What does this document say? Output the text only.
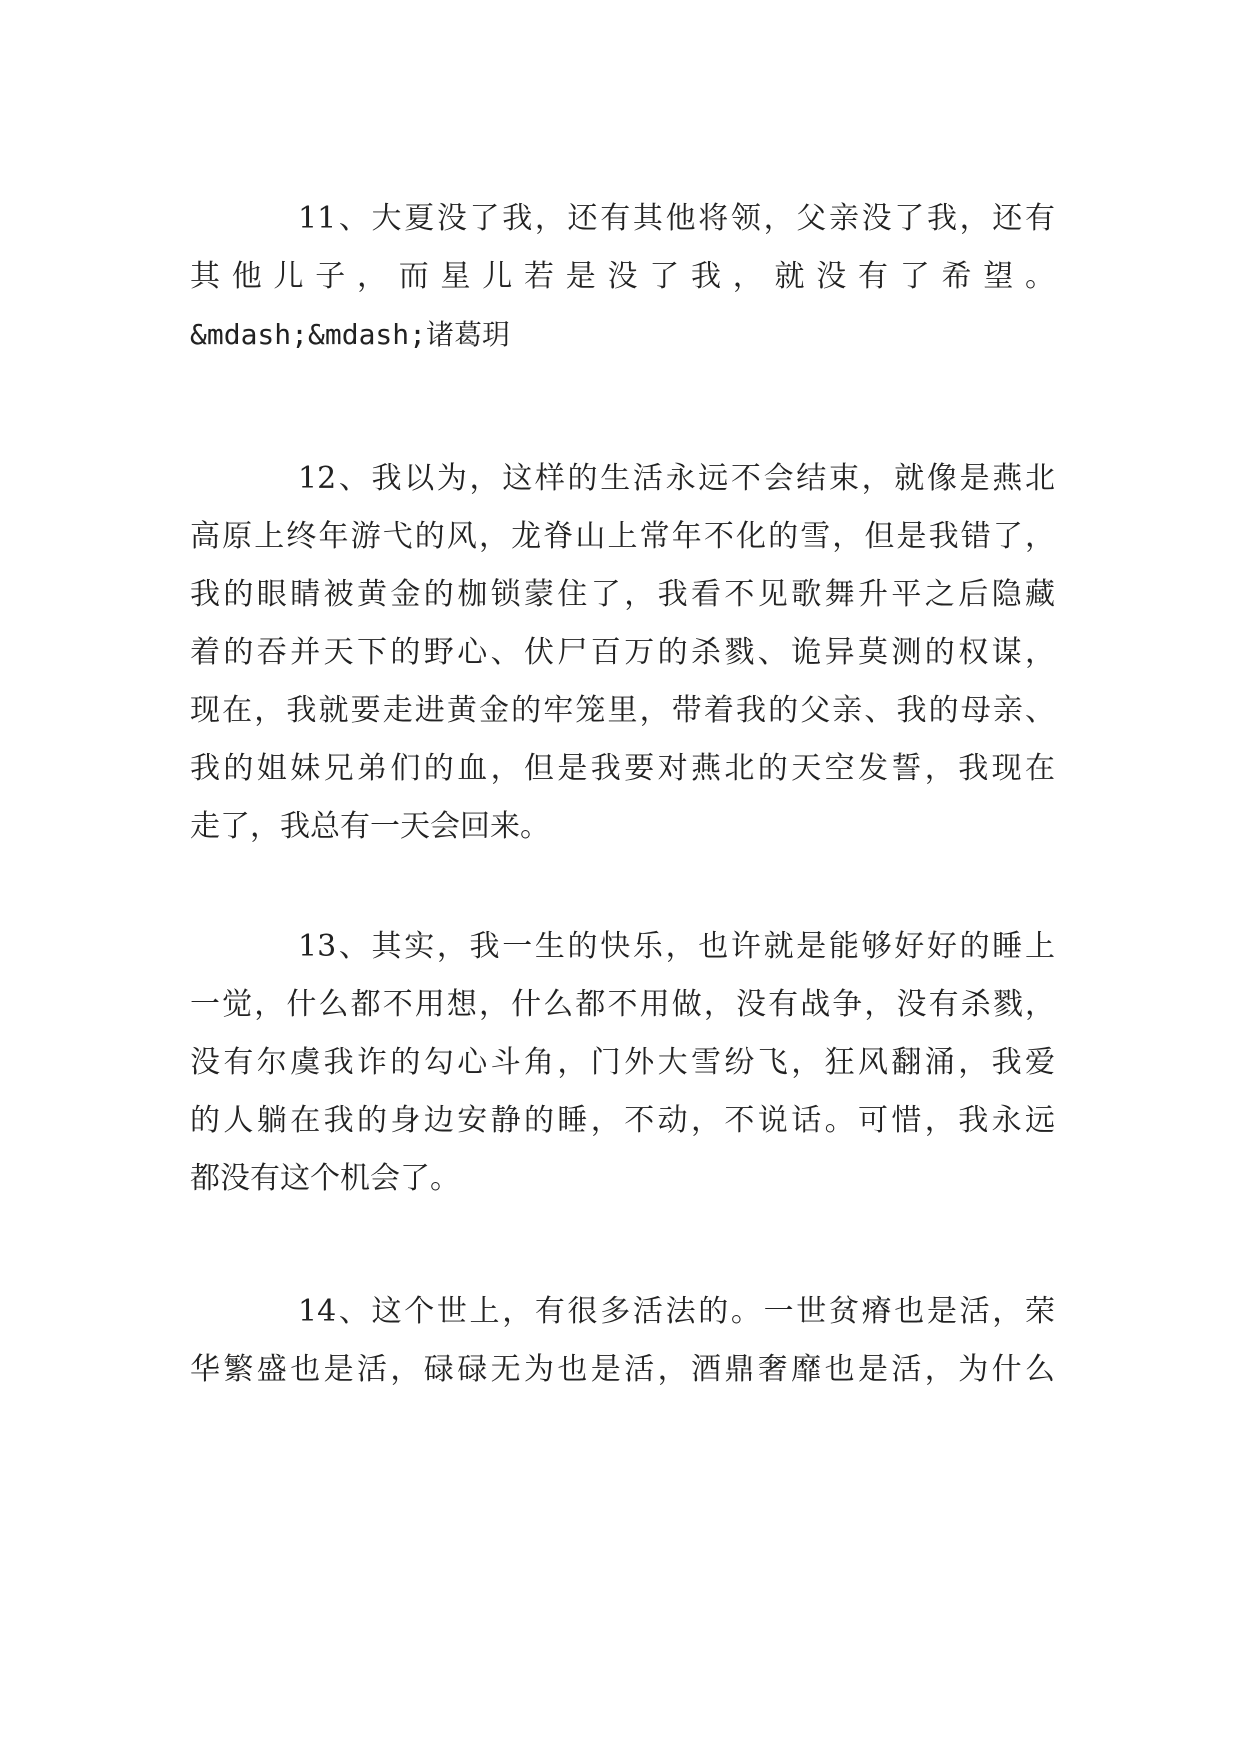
11、大夏没了我，还有其他将领，父亲没了我，还有
其他儿子，而星儿若是没了我，就没有了希望。
&mdash;&mdash;诸葛玥

12、我以为，这样的生活永远不会结束，就像是燕北
高原上终年游弋的风，龙脊山上常年不化的雪，但是我错了，
我的眼睛被黄金的枷锁蒙住了，我看不见歌舞升平之后隐藏
着的吞并天下的野心、伏尸百万的杀戮、诡异莫测的权谋，
现在，我就要走进黄金的牢笼里，带着我的父亲、我的母亲、
我的姐妹兄弟们的血，但是我要对燕北的天空发誓，我现在
走了，我总有一天会回来。

13、其实，我一生的快乐，也许就是能够好好的睡上
一觉，什么都不用想，什么都不用做，没有战争，没有杀戮，
没有尔虞我诈的勾心斗角，门外大雪纷飞，狂风翻涌，我爱
的人躺在我的身边安静的睡，不动，不说话。可惜，我永远
都没有这个机会了。

14、这个世上，有很多活法的。一世贫瘠也是活，荣
华繁盛也是活，碌碌无为也是活，酒鼎奢靡也是活，为什么
